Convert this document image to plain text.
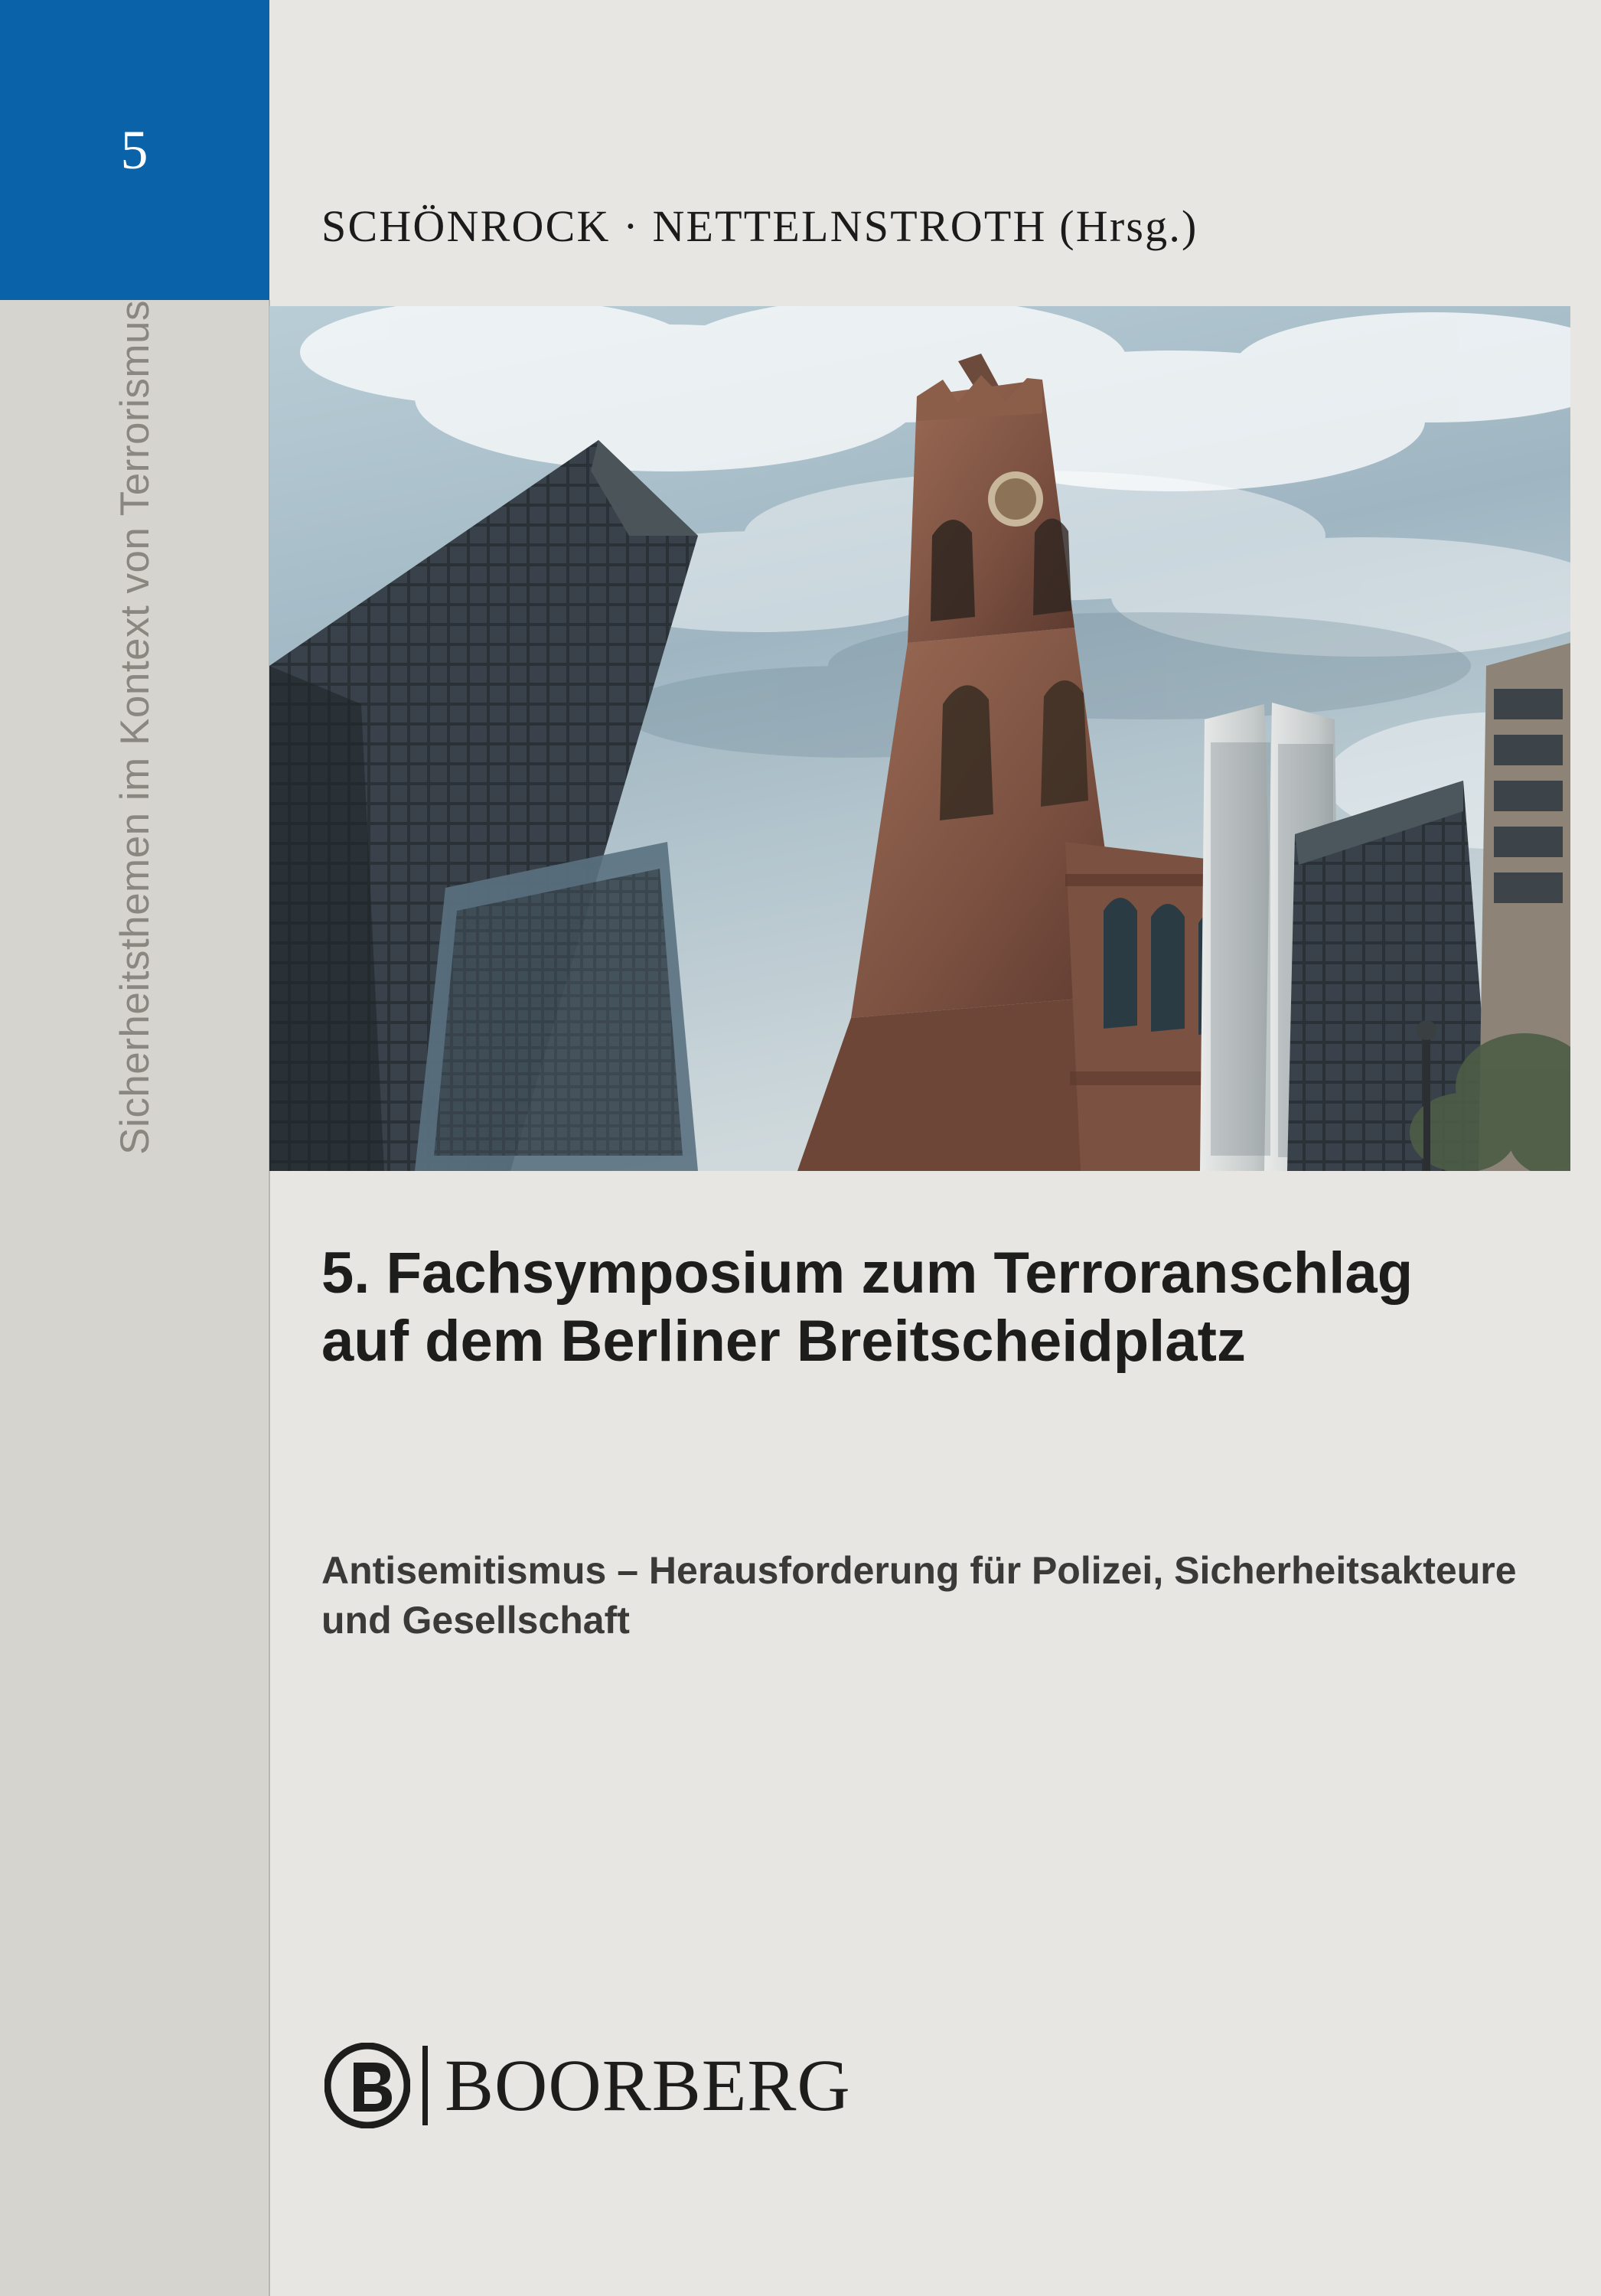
5
Sicherheitsthemen im Kontext von Terrorismus
SCHÖNROCK · NETTELNSTROTH (Hrsg.)
5. Fachsymposium zum Terroranschlag auf dem Berliner Breitscheidplatz
Antisemitismus – Herausforderung für Polizei, Sicherheitsakteure und Gesellschaft
BOORBERG
